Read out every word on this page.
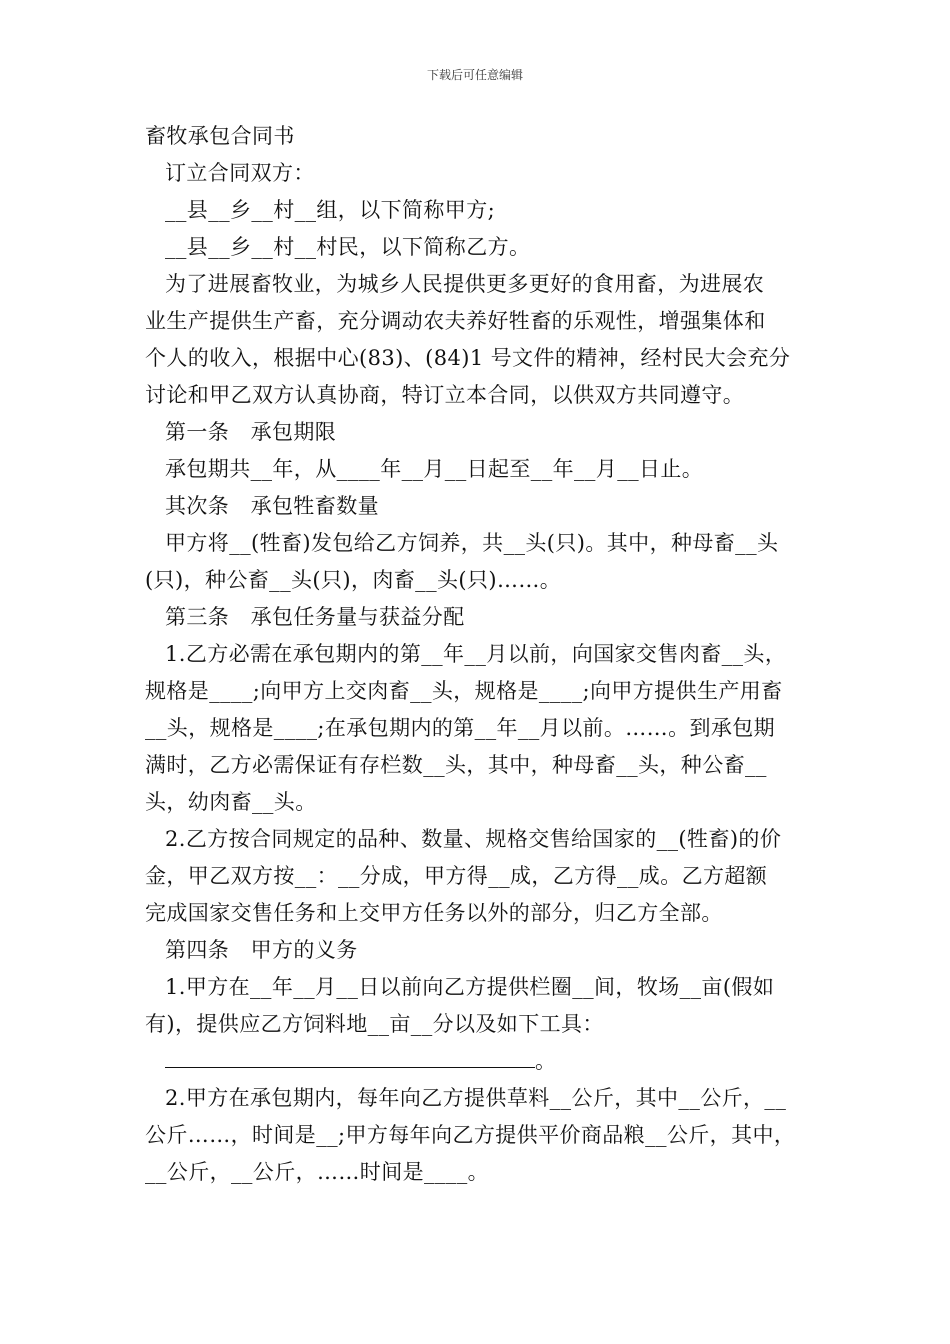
下载后可任意编辑
畜牧承包合同书
订立合同双方：
__县__乡__村__组，以下简称甲方;
__县__乡__村__村民，以下简称乙方。
为了进展畜牧业，为城乡人民提供更多更好的食用畜，为进展农
业生产提供生产畜，充分调动农夫养好牲畜的乐观性，增强集体和
个人的收入，根据中心(83)、(84)1 号文件的精神，经村民大会充分
讨论和甲乙双方认真协商，特订立本合同，以供双方共同遵守。
第一条　承包期限
承包期共__年，从____年__月__日起至__年__月__日止。
其次条　承包牲畜数量
甲方将__(牲畜)发包给乙方饲养，共__头(只)。其中，种母畜__头
(只)，种公畜__头(只)，肉畜__头(只)……。
第三条　承包任务量与获益分配
1.乙方必需在承包期内的第__年__月以前，向国家交售肉畜__头，
规格是____;向甲方上交肉畜__头，规格是____;向甲方提供生产用畜
__头，规格是____;在承包期内的第__年__月以前。……。到承包期
满时，乙方必需保证有存栏数__头，其中，种母畜__头，种公畜__
头，幼肉畜__头。
2.乙方按合同规定的品种、数量、规格交售给国家的__(牲畜)的价
金，甲乙双方按__：__分成，甲方得__成，乙方得__成。乙方超额
完成国家交售任务和上交甲方任务以外的部分，归乙方全部。
第四条　甲方的义务
1.甲方在__年__月__日以前向乙方提供栏圈__间，牧场__亩(假如
有)，提供应乙方饲料地__亩__分以及如下工具：
。
2.甲方在承包期内，每年向乙方提供草料__公斤，其中__公斤，__
公斤……，时间是__;甲方每年向乙方提供平价商品粮__公斤，其中，
__公斤，__公斤，……时间是____。
